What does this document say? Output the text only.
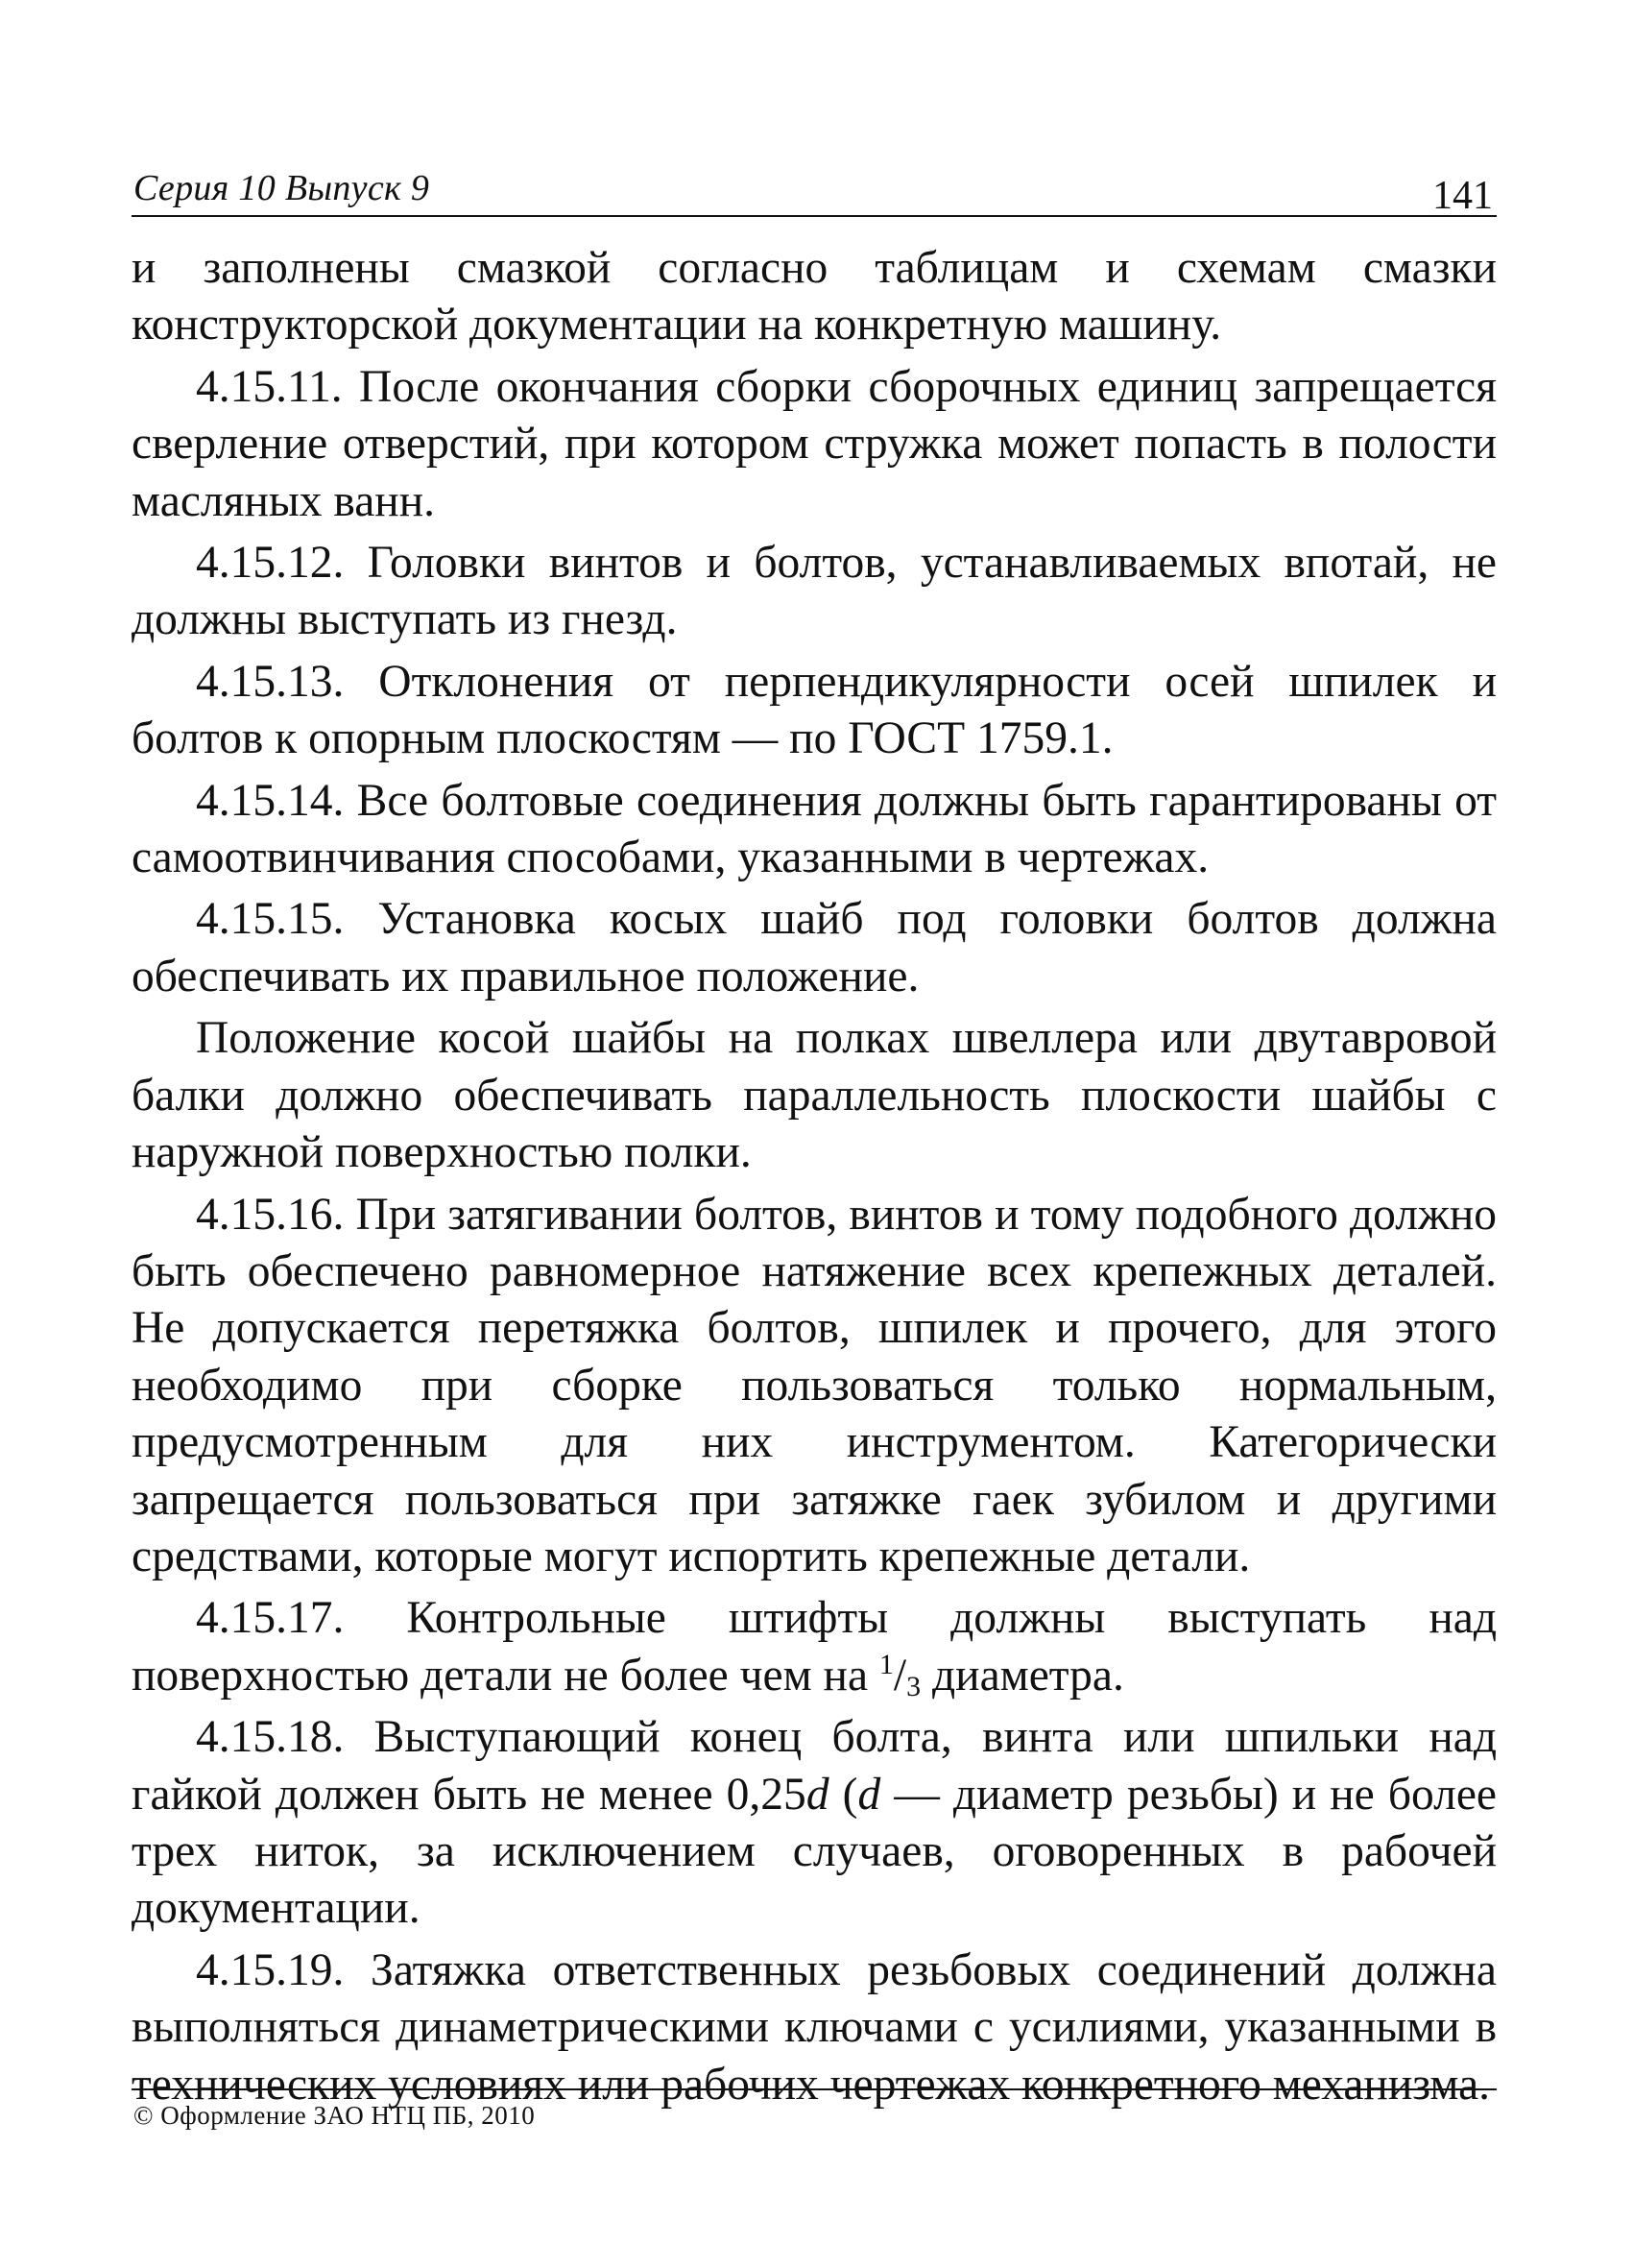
Серия 10 Выпуск 9	141

и заполнены смазкой согласно таблицам и схемам смазки конструкторской документации на конкретную машину.

4.15.11. После окончания сборки сборочных единиц запрещается сверление отверстий, при котором стружка может попасть в полости масляных ванн.

4.15.12. Головки винтов и болтов, устанавливаемых впотай, не должны выступать из гнезд.

4.15.13. Отклонения от перпендикулярности осей шпилек и болтов к опорным плоскостям — по ГОСТ 1759.1.

4.15.14. Все болтовые соединения должны быть гарантированы от самоотвинчивания способами, указанными в чертежах.

4.15.15. Установка косых шайб под головки болтов должна обеспечивать их правильное положение.

Положение косой шайбы на полках швеллера или двутавровой балки должно обеспечивать параллельность плоскости шайбы с наружной поверхностью полки.

4.15.16. При затягивании болтов, винтов и тому подобного должно быть обеспечено равномерное натяжение всех крепежных деталей. Не допускается перетяжка болтов, шпилек и прочего, для этого необходимо при сборке пользоваться только нормальным, предусмотренным для них инструментом. Категорически запрещается пользоваться при затяжке гаек зубилом и другими средствами, которые могут испортить крепежные детали.

4.15.17. Контрольные штифты должны выступать над поверхностью детали не более чем на $^1/_3$ диаметра.

4.15.18. Выступающий конец болта, винта или шпильки над гайкой должен быть не менее 0,25d (d — диаметр резьбы) и не более трех ниток, за исключением случаев, оговоренных в рабочей документации.

4.15.19. Затяжка ответственных резьбовых соединений должна выполняться динаметрическими ключами с усилиями, указанными в технических условиях или рабочих чертежах конкретного механизма.

© Оформление ЗАО НТЦ ПБ, 2010
